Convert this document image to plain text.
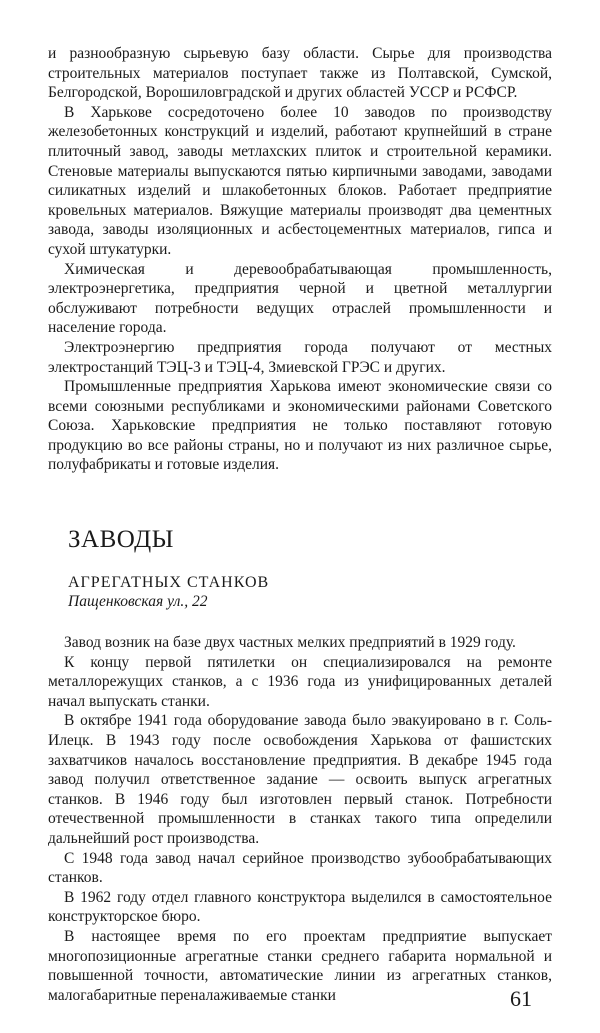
и разнообразную сырьевую базу области. Сырье для производства строительных материалов поступает также из Полтавской, Сумской, Белгородской, Ворошиловградской и других областей УССР и РСФСР.

В Харькове сосредоточено более 10 заводов по производству железобетонных конструкций и изделий, работают крупнейший в стране плиточный завод, заводы метлахских плиток и строительной керамики. Стеновые материалы выпускаются пятью кирпичными заводами, заводами силикатных изделий и шлакобетонных блоков. Работает предприятие кровельных материалов. Вяжущие материалы производят два цементных завода, заводы изоляционных и асбестоцементных материалов, гипса и сухой штукатурки.

Химическая и деревообрабатывающая промышленность, электроэнергетика, предприятия черной и цветной металлургии обслуживают потребности ведущих отраслей промышленности и население города.

Электроэнергию предприятия города получают от местных электростанций ТЭЦ-3 и ТЭЦ-4, Змиевской ГРЭС и других.

Промышленные предприятия Харькова имеют экономические связи со всеми союзными республиками и экономическими районами Советского Союза. Харьковские предприятия не только поставляют готовую продукцию во все районы страны, но и получают из них различное сырье, полуфабрикаты и готовые изделия.

ЗАВОДЫ
АГРЕГАТНЫХ СТАНКОВ
Пащенковская ул., 22

Завод возник на базе двух частных мелких предприятий в 1929 году.

К концу первой пятилетки он специализировался на ремонте металлорежущих станков, а с 1936 года из унифицированных деталей начал выпускать станки.

В октябре 1941 года оборудование завода было эвакуировано в г. Соль-Илецк. В 1943 году после освобождения Харькова от фашистских захватчиков началось восстановление предприятия. В декабре 1945 года завод получил ответственное задание — освоить выпуск агрегатных станков. В 1946 году был изготовлен первый станок. Потребности отечественной промышленности в станках такого типа определили дальнейший рост производства.

С 1948 года завод начал серийное производство зубообрабатывающих станков.

В 1962 году отдел главного конструктора выделился в самостоятельное конструкторское бюро.

В настоящее время по его проектам предприятие выпускает многопозиционные агрегатные станки среднего габарита нормальной и повышенной точности, автоматические линии из агрегатных станков, малогабаритные переналаживаемые станки	61
